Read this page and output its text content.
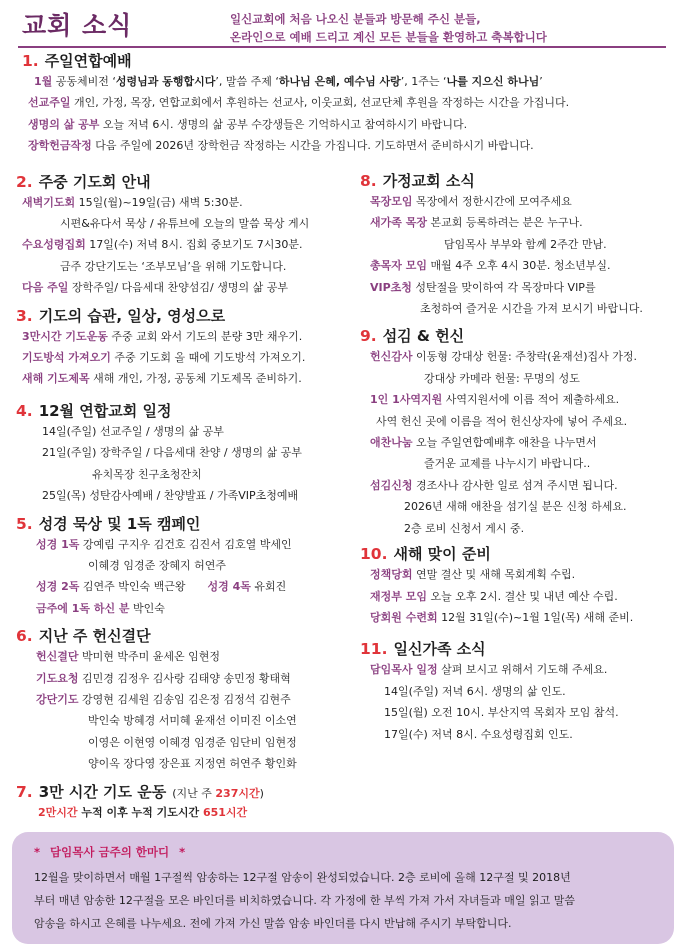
교회 소식	일신교회에 처음 나오신 분들과 방문해 주신 분들,
온라인으로 예배 드리고 계신 모든 분들을 환영하고 축복합니다
1. 주일연합예배
1월 공동체비전 ‘성령님과 동행합시다’, 말씀 주제 ‘하나님 은혜, 예수님 사랑’, 1주는 ‘나를 지으신 하나님’
선교주일 개인, 가정, 목장, 연합교회에서 후원하는 선교사, 이웃교회, 선교단체 후원을 작정하는 시간을 가집니다.
생명의 삶 공부 오늘 저녁 6시. 생명의 삶 공부 수강생들은 기억하시고 참여하시기 바랍니다.
장학헌금작정 다음 주일에 2026년 장학헌금 작정하는 시간을 가집니다. 기도하면서 준비하시기 바랍니다.
2. 주중 기도회 안내
새벽기도회 15일(월)~19일(금) 새벽 5:30분.
시편&유다서 묵상 / 유튜브에 오늘의 말씀 묵상 게시
수요성령집회 17일(수) 저녁 8시. 집회 중보기도 7시30분.
금주 강단기도는 ‘조부모님’을 위해 기도합니다.
다음 주일 장학주일/ 다음세대 찬양섬김/ 생명의 삶 공부
3. 기도의 습관, 일상, 영성으로
3만시간 기도운동 주중 교회 와서 기도의 분량 3만 채우기.
기도방석 가져오기 주중 기도회 올 때에 기도방석 가져오기.
새해 기도제목 새해 개인, 가정, 공동체 기도제목 준비하기.
4. 12월 연합교회 일정
14일(주일) 선교주일 / 생명의 삶 공부
21일(주일) 장학주일 / 다음세대 찬양 / 생명의 삶 공부
유치목장 친구초청잔치
25일(목) 성탄감사예배 / 찬양발표 / 가족VIP초청예배
5. 성경 묵상 및 1독 캠페인
성경 1독 강예림 구지우 김건호 김진서 김호열 박세인
이혜경 임경준 장혜지 허연주
성경 2독 김연주 박인숙 백근왕 성경 4독 유회진
금주에 1독 하신 분 박인숙
6. 지난 주 헌신결단
헌신결단 박미현 박주미 윤세온 임현정
기도요청 김민경 김정우 김사랑 김태양 송민정 황태혁
강단기도 강영현 김세원 김송임 김은정 김정석 김현주
박인숙 방혜경 서미혜 윤재선 이미진 이소연
이영은 이현영 이혜경 임경준 임단비 임현정
양이옥 장다영 장은표 지정연 허연주 황인화
7. 3만 시간 기도 운동 (지난 주 237시간)
2만시간 누적 이후 누적 기도시간 651시간
8. 가정교회 소식
목장모임 목장에서 정한시간에 모여주세요
새가족 목장 본교회 등록하려는 분은 누구나.
담임목사 부부와 함께 2주간 만남.
총목자 모임 매월 4주 오후 4시 30분. 청소년부실.
VIP초청 성탄절을 맞이하여 각 목장마다 VIP를
초청하여 즐거운 시간을 가져 보시기 바랍니다.
9. 섬김 & 헌신
헌신감사 이동형 강대상 헌물: 주창락(윤재선)집사 가정.
강대상 카메라 헌물: 무명의 성도
1인 1사역지원 사역지원서에 이름 적어 제출하세요.
사역 헌신 곳에 이름을 적어 헌신상자에 넣어 주세요.
애찬나눔 오늘 주일연합예배후 애찬을 나누면서
즐거운 교제를 나누시기 바랍니다..
섬김신청 경조사나 감사한 일로 섬겨 주시면 됩니다.
2026년 새해 애찬을 섬기실 분은 신청 하세요.
2층 로비 신청서 게시 중.
10. 새해 맞이 준비
정책당회 연말 결산 및 새해 목회계획 수립.
재정부 모임 오늘 오후 2시. 결산 및 내년 예산 수립.
당회원 수련회 12월 31일(수)~1월 1일(목) 새해 준비.
11. 일신가족 소식
담임목사 일정 살펴 보시고 위해서 기도해 주세요.
14일(주일) 저녁 6시. 생명의 삶 인도.
15일(월) 오전 10시. 부산지역 목회자 모임 참석.
17일(수) 저녁 8시. 수요성령집회 인도.
* 담임목사 금주의 한마디 *
12월을 맞이하면서 매월 1구절씩 암송하는 12구절 암송이 완성되었습니다. 2층 로비에 올해 12구절 및 2018년
부터 매년 암송한 12구절을 모은 바인더를 비치하였습니다. 각 가정에 한 부씩 가져 가서 자녀들과 매일 읽고 말씀
암송을 하시고 은혜를 나누세요. 전에 가져 가신 말씀 암송 바인더를 다시 반납해 주시기 부탁합니다.
